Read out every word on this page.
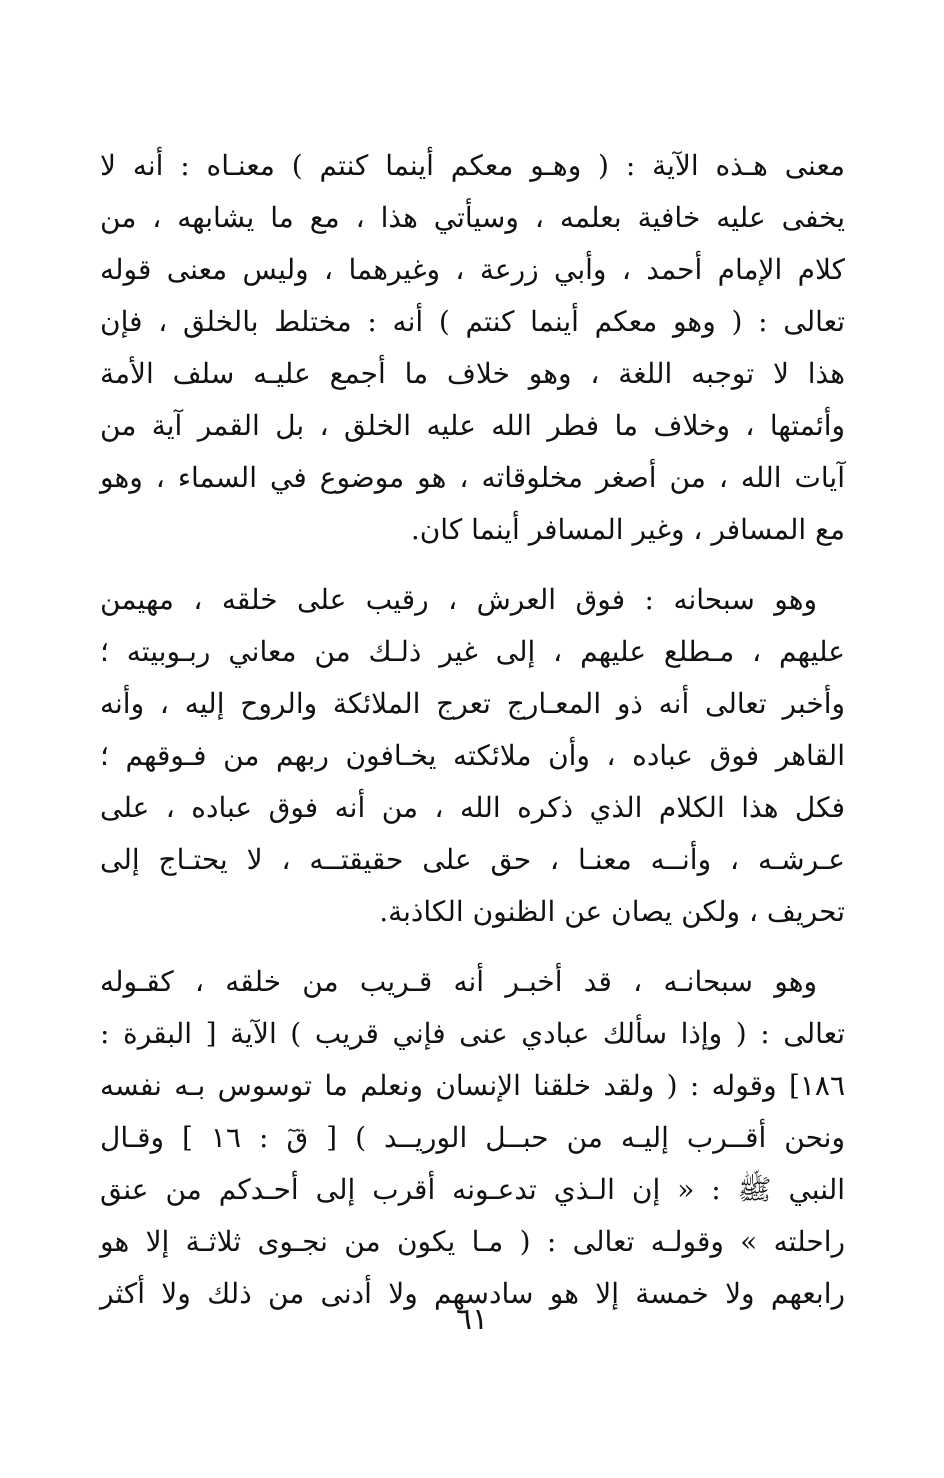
معنى هـذه الآية : ( وهـو معكم أينما كنتم ) معنـاه : أنه لا
يخفى عليه خافية بعلمه ، وسيأتي هذا ، مع ما يشابهه ، من
كلام الإمام أحمد ، وأبي زرعة ، وغيرهما ، وليس معنى قوله
تعالى : ( وهو معكم أينما كنتم ) أنه : مختلط بالخلق ، فإن
هذا لا توجبه اللغة ، وهو خلاف ما أجمع عليـه سلف الأمة
وأئمتها ، وخلاف ما فطر الله عليه الخلق ، بل القمر آية من
آيات الله ، من أصغر مخلوقاته ، هو موضوع في السماء ، وهو
مع المسافر ، وغير المسافر أينما كان.

وهو سبحانه : فوق العرش ، رقيب على خلقه ، مهيمن
عليهم ، مـطلع عليهم ، إلى غير ذلـك من معاني ربـوبيته ؛
وأخبر تعالى أنه ذو المعـارج تعرج الملائكة والروح إليه ، وأنه
القاهر فوق عباده ، وأن ملائكته يخـافون ربهم من فـوقهم ؛
فكل هذا الكلام الذي ذكره الله ، من أنه فوق عباده ، على
عـرشـه ، وأنــه معنـا ، حق على حقيقتــه ، لا يحتـاج إلى
تحريف ، ولكن يصان عن الظنون الكاذبة.

وهو سبحانـه ، قد أخبـر أنه قـريب من خلقه ، كقـوله
تعالى : ( وإذا سألك عبادي عنى فإني قريب ) الآية [ البقرة :
١٨٦] وقوله : ( ولقد خلقنا الإنسان ونعلم ما توسوس بـه نفسه
ونحن أقــرب إليـه من حبــل الوريــد ) [ قٓ : ١٦ ] وقـال
النبي ﷺ : « إن الـذي تدعـونه أقرب إلى أحـدكم من عنق
راحلته » وقولـه تعالى : ( مـا يكون من نجـوى ثلاثـة إلا هو
رابعهم ولا خمسة إلا هو سادسهم ولا أدنى من ذلك ولا أكثر

٦١
